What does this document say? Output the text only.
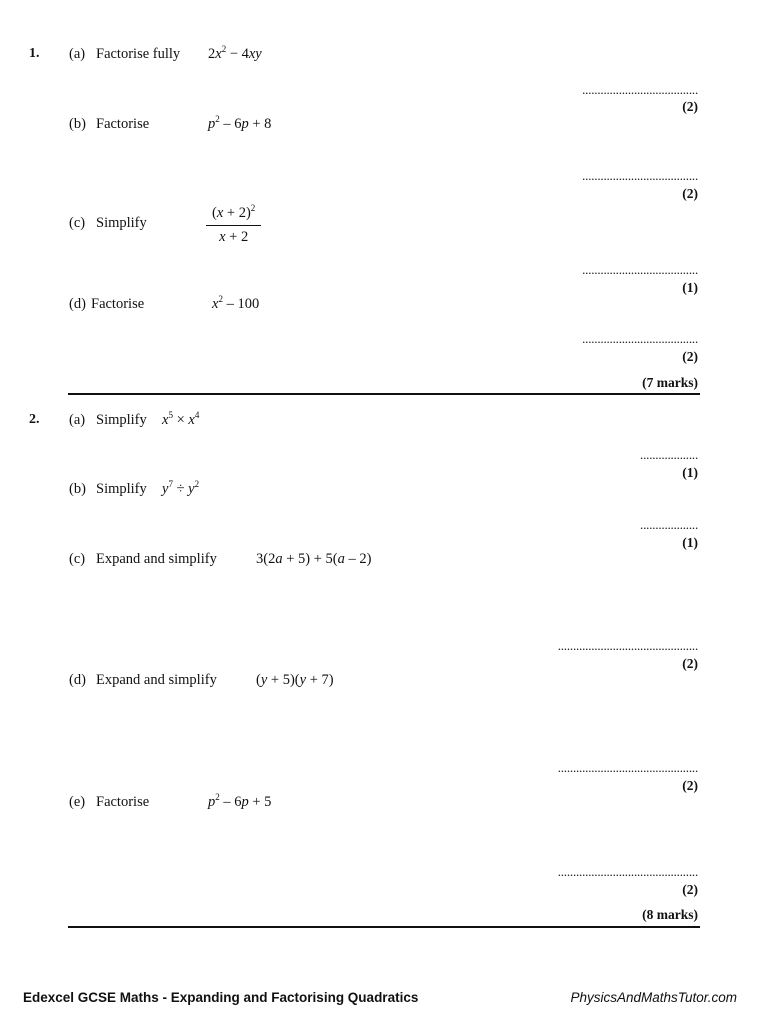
1. (a) Factorise fully $2x^2 - 4xy$
......................................
(2)
(b) Factorise	$p^2 - 6p + 8$
......................................
(2)
(c) Simplify	$\frac{(x + 2)^2}{x + 2}$
......................................
(1)
(d) Factorise	$x^2 - 100$
......................................
(2)
(7 marks)
2. (a) Simplify $x^5 \times x^4$
...................
(1)
(b) Simplify $y^7 \div y^2$
...................
(1)
(c) Expand and simplify	3(2a + 5) + 5(a – 2)
..............................................
(2)
(d) Expand and simplify	(y + 5)(y + 7)
..............................................
(2)
(e) Factorise	$p^2 - 6p + 5$
..............................................
(2)
(8 marks)
Edexcel GCSE Maths - Expanding and Factorising Quadratics	PhysicsAndMathsTutor.com
